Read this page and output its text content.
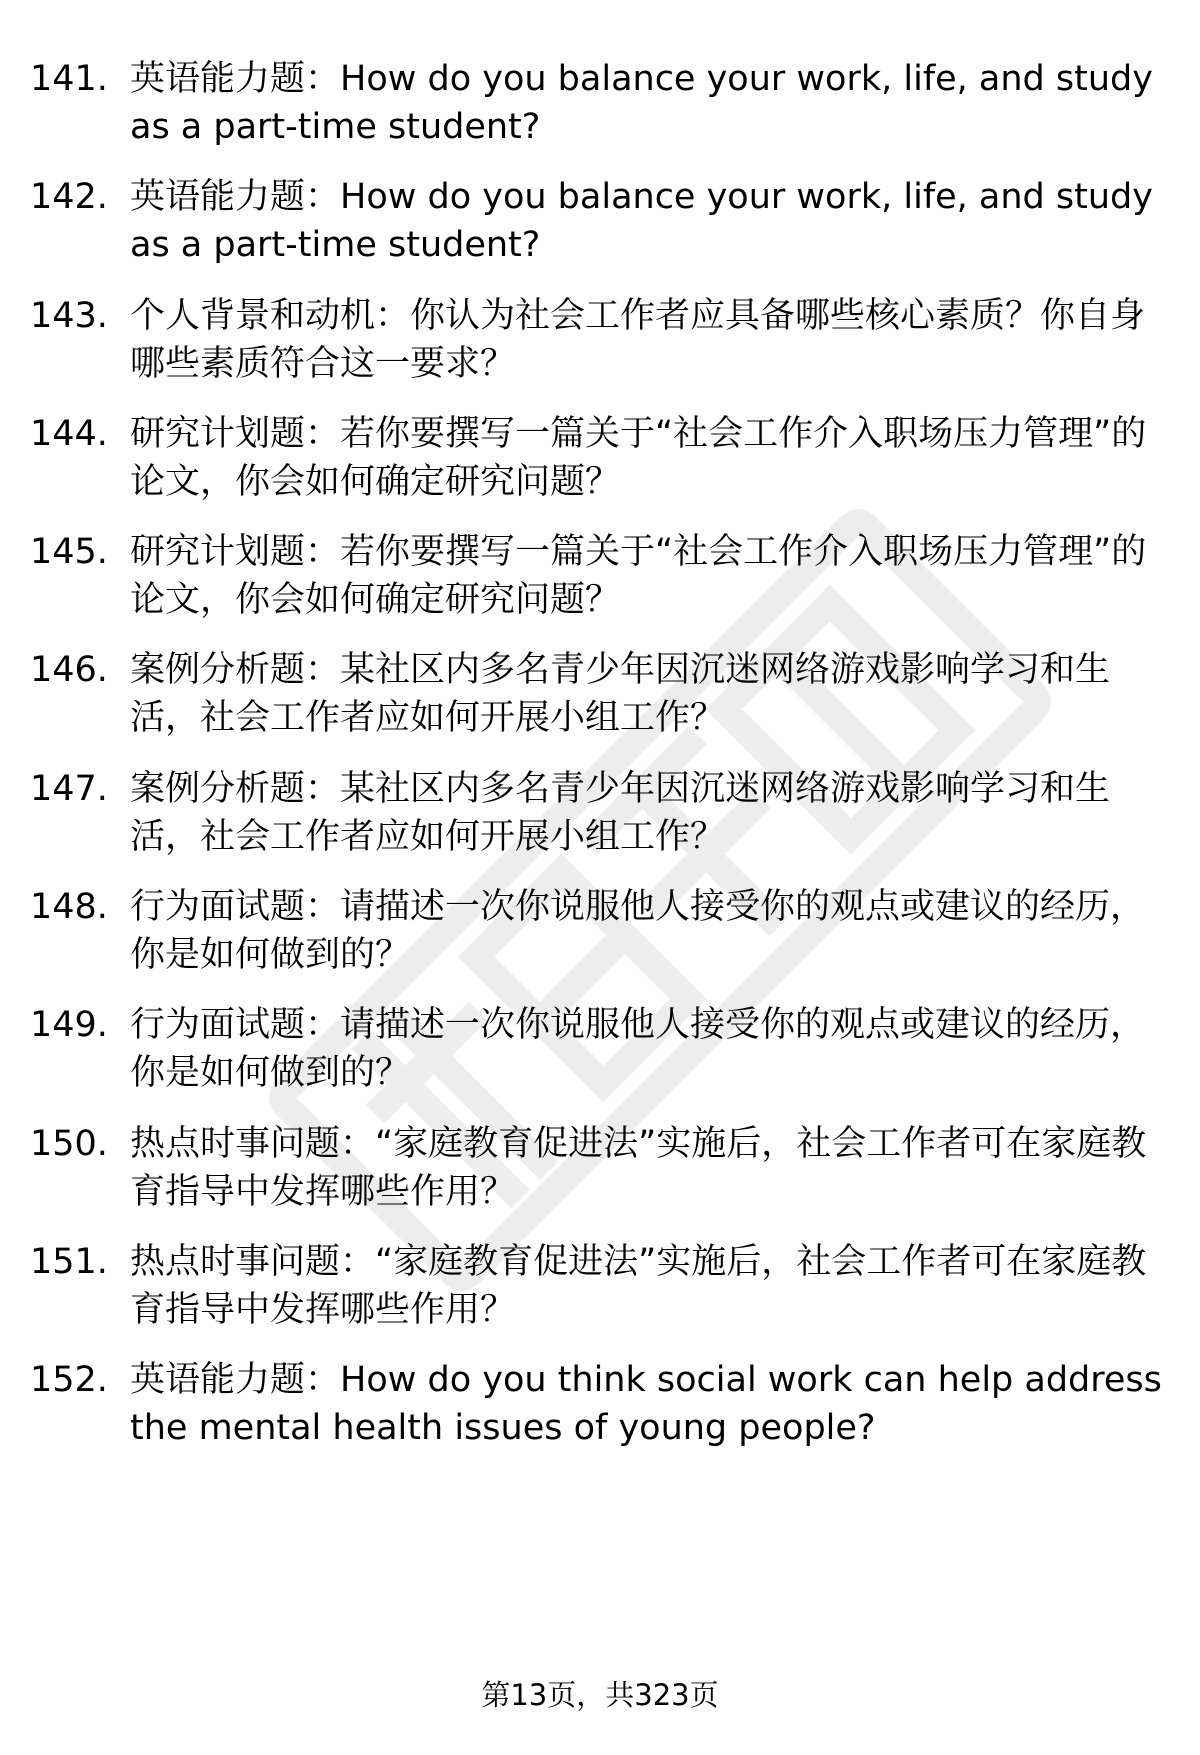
141. 英语能力题：How do you balance your work, life, and study as a part-time student?
142. 英语能力题：How do you balance your work, life, and study as a part-time student?
143. 个人背景和动机：你认为社会工作者应具备哪些核心素质？你自身哪些素质符合这一要求？
144. 研究计划题：若你要撰写一篇关于“社会工作介入职场压力管理”的论文，你会如何确定研究问题？
145. 研究计划题：若你要撰写一篇关于“社会工作介入职场压力管理”的论文，你会如何确定研究问题？
146. 案例分析题：某社区内多名青少年因沉迷网络游戏影响学习和生活，社会工作者应如何开展小组工作？
147. 案例分析题：某社区内多名青少年因沉迷网络游戏影响学习和生活，社会工作者应如何开展小组工作？
148. 行为面试题：请描述一次你说服他人接受你的观点或建议的经历，你是如何做到的？
149. 行为面试题：请描述一次你说服他人接受你的观点或建议的经历，你是如何做到的？
150. 热点时事问题：“家庭教育促进法”实施后，社会工作者可在家庭教育指导中发挥哪些作用？
151. 热点时事问题：“家庭教育促进法”实施后，社会工作者可在家庭教育指导中发挥哪些作用？
152. 英语能力题：How do you think social work can help address the mental health issues of young people?
第13页，共323页
